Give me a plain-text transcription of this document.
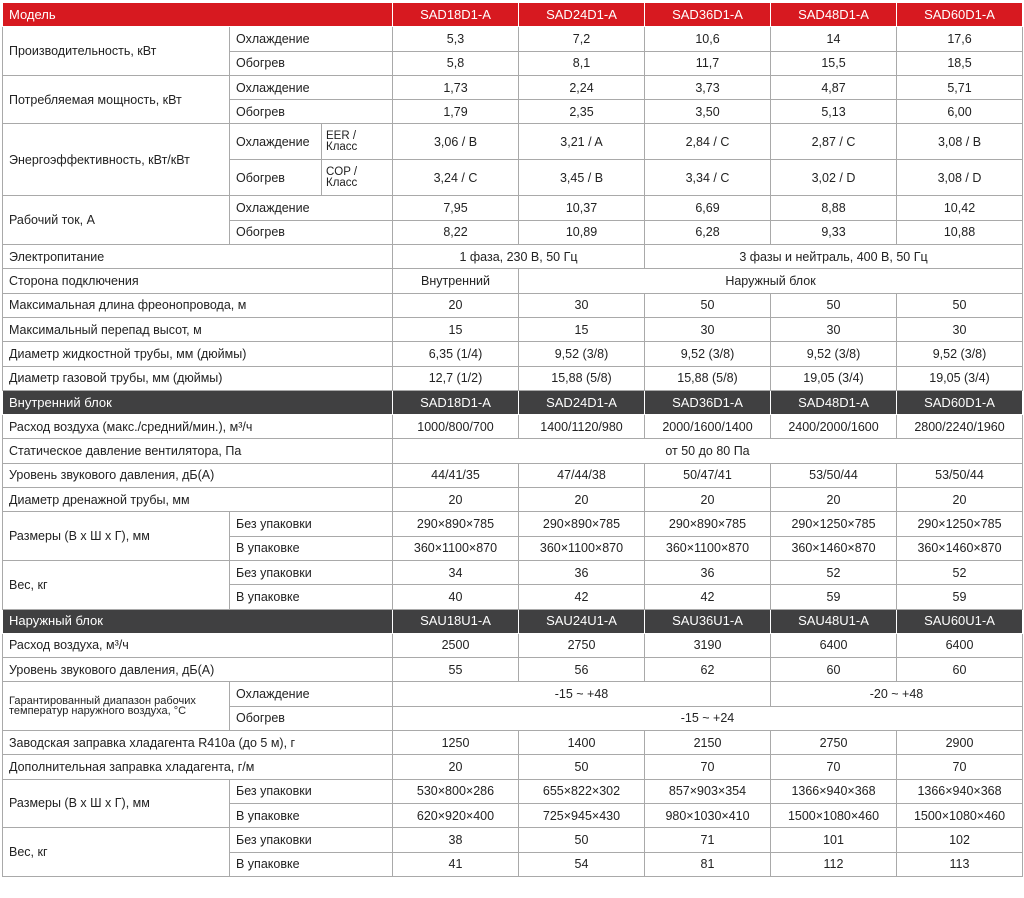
Модель			SAD18D1-A	SAD24D1-A	SAD36D1-A	SAD48D1-A	SAD60D1-A
Производительность, кВт	Охлаждение		5,3	7,2	10,6	14	17,6
	Обогрев		5,8	8,1	11,7	15,5	18,5
Потребляемая мощность, кВт	Охлаждение		1,73	2,24	3,73	4,87	5,71
	Обогрев		1,79	2,35	3,50	5,13	6,00
Энергоэффективность, кВт/кВт	Охлаждение	EER / Класс	3,06 / B	3,21 / A	2,84 / C	2,87 / C	3,08 / B
	Обогрев	COP / Класс	3,24 / C	3,45 / B	3,34 / C	3,02 / D	3,08 / D
Рабочий ток, А	Охлаждение		7,95	10,37	6,69	8,88	10,42
	Обогрев		8,22	10,89	6,28	9,33	10,88
Электропитание			1 фаза, 230 В, 50 Гц		3 фазы и нейтраль, 400 В, 50 Гц		
Сторона подключения			Внутренний	Наружный блок			
Максимальная длина фреонопровода, м			20	30	50	50	50
Максимальный перепад высот, м			15	15	30	30	30
Диаметр жидкостной трубы, мм (дюймы)			6,35 (1/4)	9,52 (3/8)	9,52 (3/8)	9,52 (3/8)	9,52 (3/8)
Диаметр газовой трубы, мм (дюймы)			12,7 (1/2)	15,88 (5/8)	15,88 (5/8)	19,05 (3/4)	19,05 (3/4)
Внутренний блок			SAD18D1-A	SAD24D1-A	SAD36D1-A	SAD48D1-A	SAD60D1-A
Расход воздуха (макс./средний/мин.), м³/ч			1000/800/700	1400/1120/980	2000/1600/1400	2400/2000/1600	2800/2240/1960
Статическое давление вентилятора, Па			от 50 до 80 Па				
Уровень звукового давления, дБ(А)			44/41/35	47/44/38	50/47/41	53/50/44	53/50/44
Диаметр дренажной трубы, мм			20	20	20	20	20
Размеры (В х Ш х Г), мм	Без упаковки		290×890×785	290×890×785	290×890×785	290×1250×785	290×1250×785
	В упаковке		360×1100×870	360×1100×870	360×1100×870	360×1460×870	360×1460×870
Вес, кг	Без упаковки		34	36	36	52	52
	В упаковке		40	42	42	59	59
Наружный блок			SAU18U1-A	SAU24U1-A	SAU36U1-A	SAU48U1-A	SAU60U1-A
Расход воздуха, м³/ч			2500	2750	3190	6400	6400
Уровень звукового давления, дБ(А)			55	56	62	60	60
Гарантированный диапазон рабочих температур наружного воздуха, °С	Охлаждение		-15 ~ +48			-20 ~ +48	
	Обогрев		-15 ~ +24				
Заводская заправка хладагента R410a (до 5 м), г			1250	1400	2150	2750	2900
Дополнительная заправка хладагента, г/м			20	50	70	70	70
Размеры (В х Ш х Г), мм	Без упаковки		530×800×286	655×822×302	857×903×354	1366×940×368	1366×940×368
	В упаковке		620×920×400	725×945×430	980×1030×410	1500×1080×460	1500×1080×460
Вес, кг	Без упаковки		38	50	71	101	102
	В упаковке		41	54	81	112	113
